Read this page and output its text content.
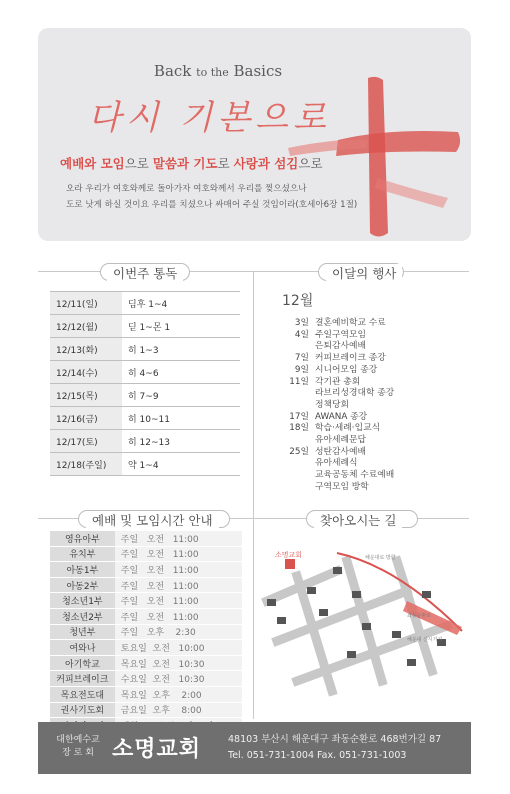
Back to the Basics
다시 기본으로
예배와 모임으로 말씀과 기도로 사랑과 섬김으로
오라 우리가 여호와께로 돌아가자 여호와께서 우리를 찢으셨으나
도로 낫게 하실 것이요 우리를 치셨으나 싸매어 주실 것임이라(호세아6장 1절)
이번주 통독	이달의 행사
예배 및 모임시간 안내	찾아오시는 길
12/11(일)	딤후 1~4
12/12(월)	딛 1~몬 1
12/13(화)	히 1~3
12/14(수)	히 4~6
12/15(목)	히 7~9
12/16(금)	히 10~11
12/17(토)	히 12~13
12/18(주일)	약 1~4
12월
3일 결혼예비학교 수료
4일 주일구역모임
은퇴감사예배
7일 커피브레이크 종강
9일 시니어모임 종강
11일 각기관 총회
라브리성경대학 종강
정책당회
17일 AWANA 종강
18일 학습·세례·입교식
유아세례문답
25일 성탄감사예배
유아세례식
교육공동체 수료예배
구역모임 방학
영유아부	주일   오전   11:00
유치부	주일   오전   11:00
아동1부	주일   오전   11:00
아동2부	주일   오전   11:00
청소년1부	주일   오전   11:00
청소년2부	주일   오전   11:00
청년부	주일   오후    2:30
여와나	토요일  오전   10:00
아기학교	목요일  오전   10:30
커피브레이크	수요일  오전   10:30
목요전도대	목요일  오후    2:00
권사기도회	금요일  오후    8:00

소명교회	해운대로 방향
좌동순환로
해운대 신시가지
대한예수교
장 로 회 소명교회	48103 부산시 해운대구 좌동순환로 468번가길 87
Tel. 051-731-1004 Fax. 051-731-1003
